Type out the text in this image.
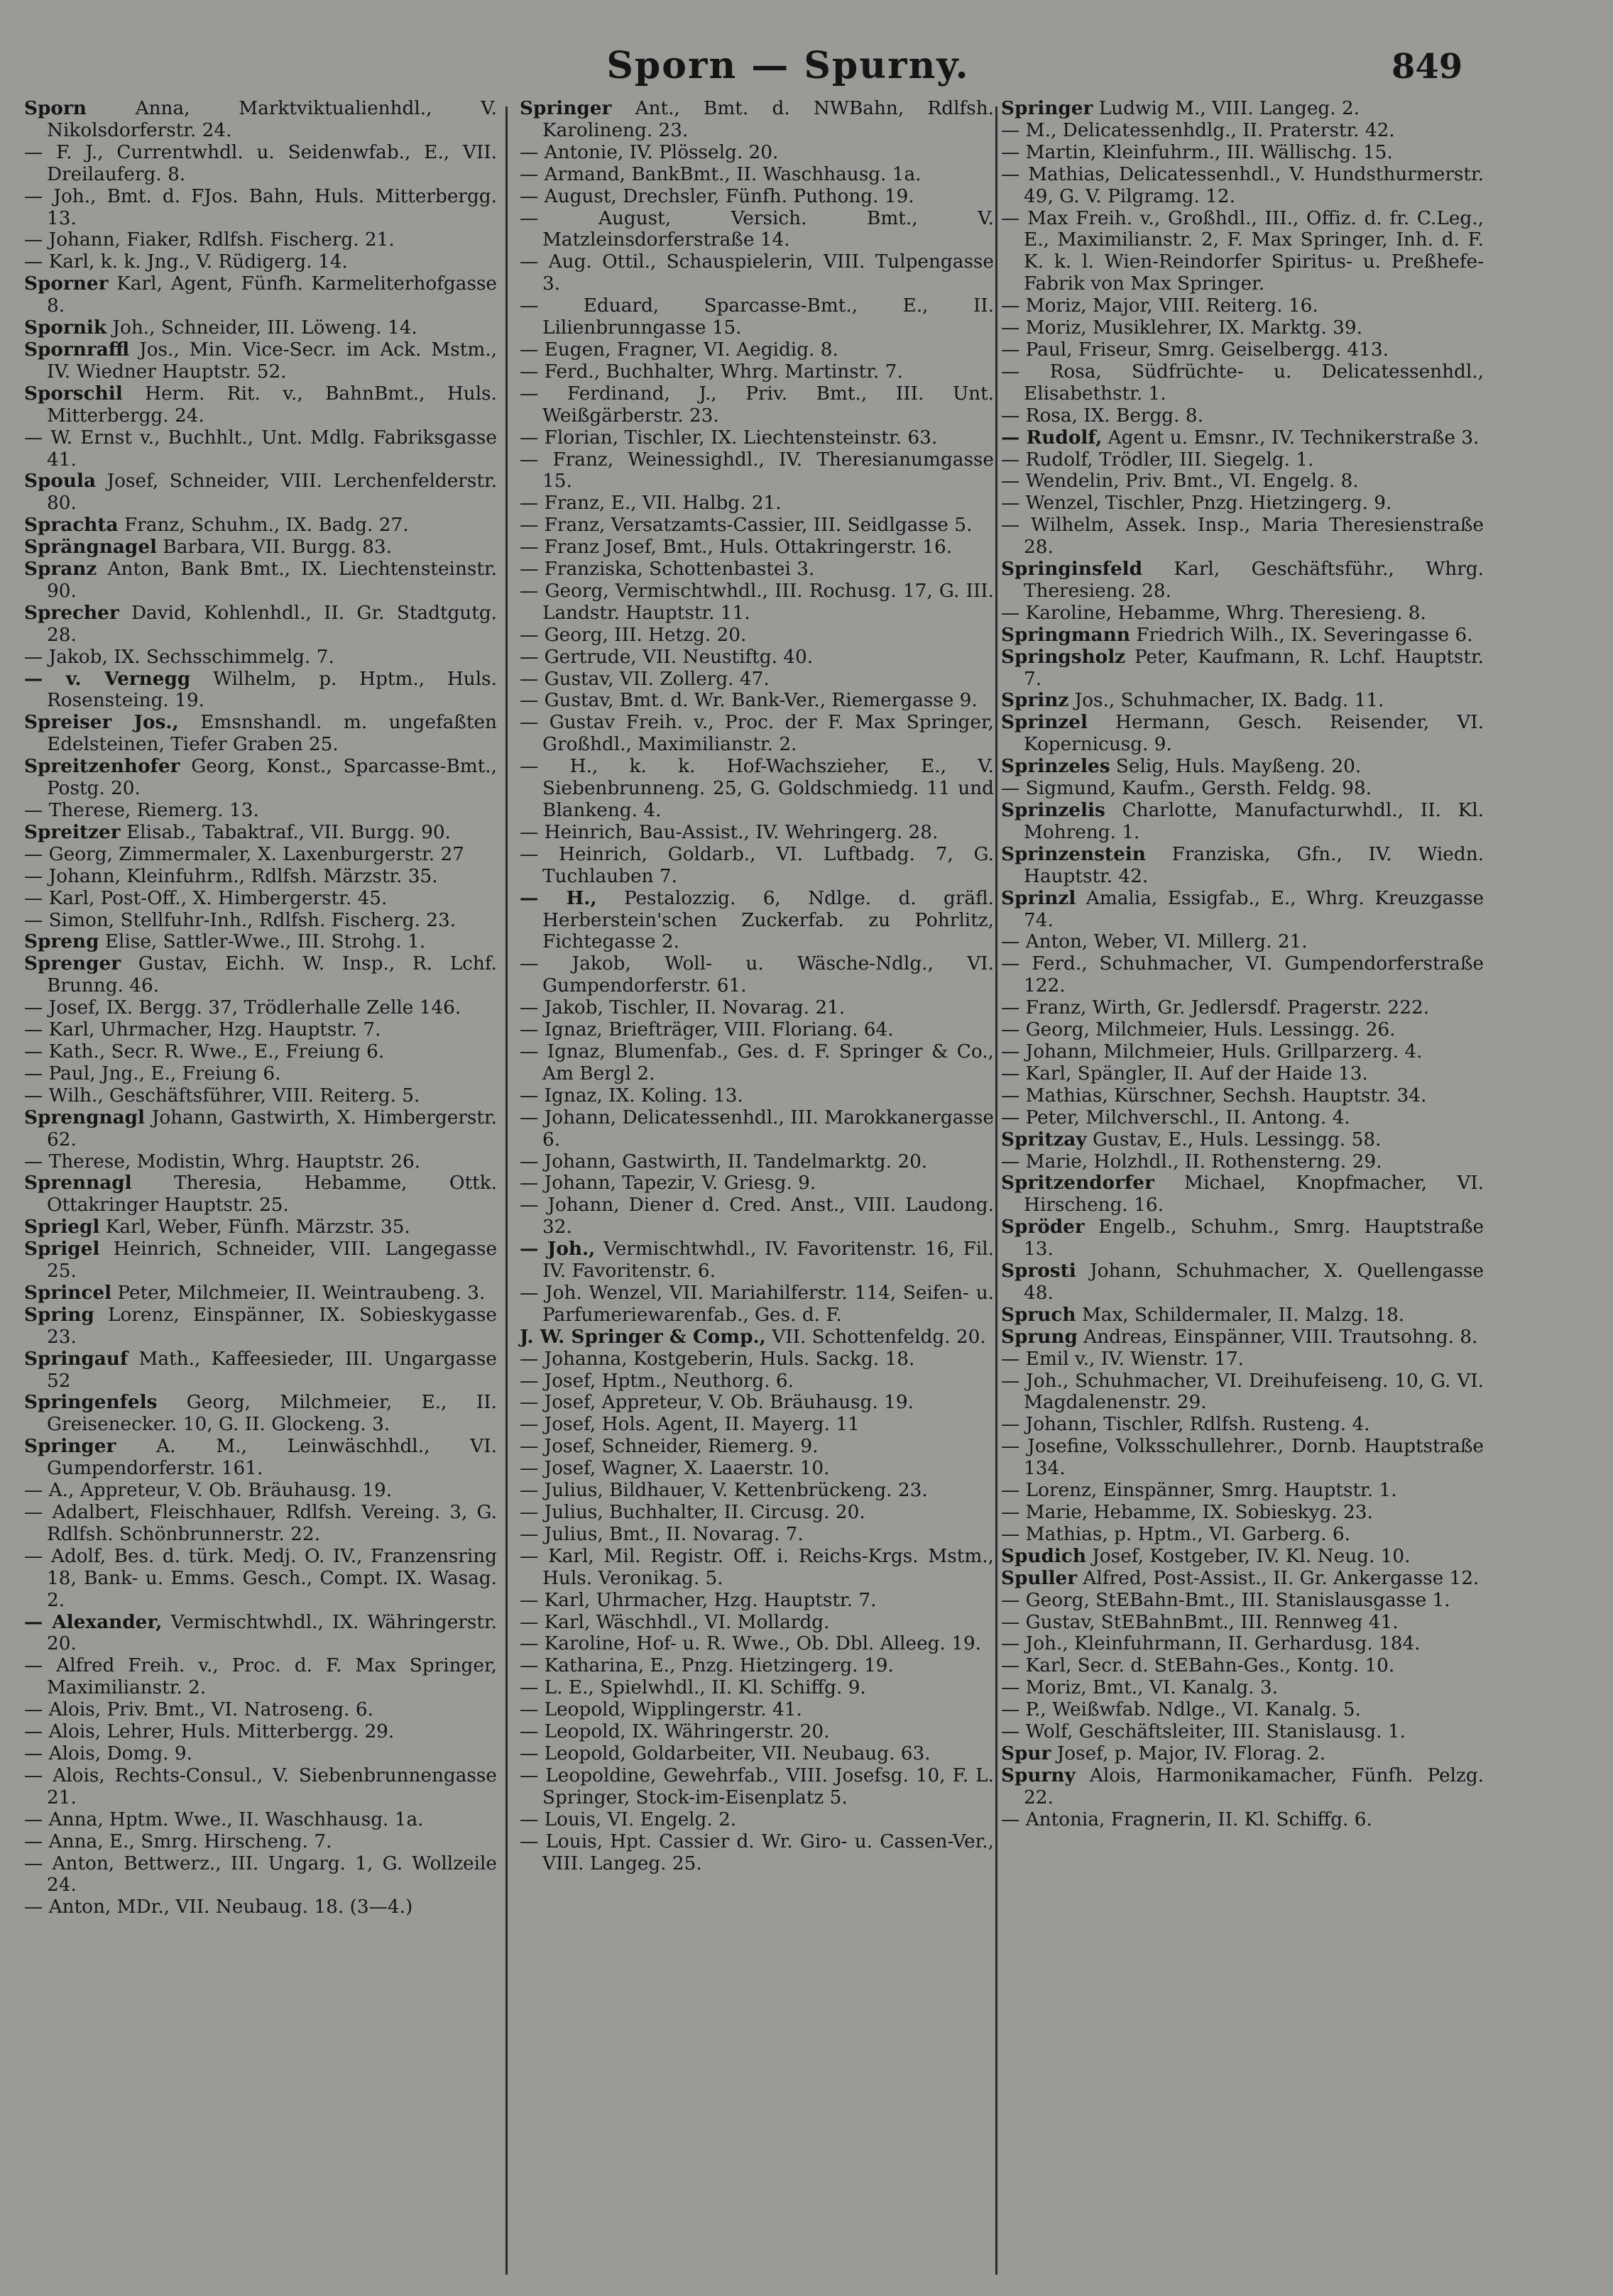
Sporn — Spurny.	849

Sporn	Anna, Marktviktualienhdl., V. Nikolsdorferstr. 24.

— F. J., Currentwhdl. u. Seidenwfab., E., VII. Dreilauferg. 8.

— Joh., Bmt. d. FJos. Bahn, Huls. Mitterbergg. 13.

— Johann, Fiaker, Rdlfsh. Fischerg. 21.

— Karl, k. k. Jng., V. Rüdigerg. 14.

Sporner Karl, Agent, Fünfh. Karmeliterhofgasse 8.

Spornik Joh., Schneider, III. Löweng. 14.

Spornraffl Jos., Min. Vice-Secr. im Ack. Mstm., IV. Wiedner Hauptstr. 52.

Sporschil Herm. Rit. v., BahnBmt., Huls. Mitterbergg. 24.

— W. Ernst v., Buchhlt., Unt. Mdlg. Fabriksgasse 41.

Spoula Josef, Schneider, VIII. Lerchenfelderstr. 80.

Sprachta Franz, Schuhm., IX. Badg. 27.

Sprängnagel Barbara, VII. Burgg. 83.

Spranz Anton, Bank Bmt., IX. Liechtensteinstr. 90.

Sprecher David, Kohlenhdl., II. Gr. Stadtgutg. 28.

— Jakob, IX. Sechsschimmelg. 7.

— v. Vernegg Wilhelm, p. Hptm., Huls. Rosensteing. 19.

Spreiser Jos., Emsnshandl. m. ungefaßten Edelsteinen, Tiefer Graben 25.

Spreitzenhofer Georg, Konst., Sparcasse-Bmt., Postg. 20.

— Therese, Riemerg. 13.

Spreitzer Elisab., Tabaktraf., VII. Burgg. 90.

— Georg, Zimmermaler, X. Laxenburgerstr. 27

— Johann, Kleinfuhrm., Rdlfsh. Märzstr. 35.

— Karl, Post-Off., X. Himbergerstr. 45.

— Simon, Stellfuhr-Inh., Rdlfsh. Fischerg. 23.

Spreng Elise, Sattler-Wwe., III. Strohg. 1.

Sprenger Gustav, Eichh. W. Insp., R. Lchf. Brunng. 46.

— Josef, IX. Bergg. 37, Trödlerhalle Zelle 146.

— Karl, Uhrmacher, Hzg. Hauptstr. 7.

— Kath., Secr. R. Wwe., E., Freiung 6.

— Paul, Jng., E., Freiung 6.

— Wilh., Geschäftsführer, VIII. Reiterg. 5.

Sprengnagl Johann, Gastwirth, X. Himbergerstr. 62.

— Therese, Modistin, Whrg. Hauptstr. 26.

Sprennagl Theresia, Hebamme, Ottk. Ottakringer Hauptstr. 25.

Spriegl Karl, Weber, Fünfh. Märzstr. 35.

Sprigel Heinrich, Schneider, VIII. Langegasse 25.

Sprincel Peter, Milchmeier, II. Weintraubeng. 3.

Spring Lorenz, Einspänner, IX. Sobieskygasse 23.

Springauf Math., Kaffeesieder, III. Ungargasse 52

Springenfels Georg, Milchmeier, E., II. Greisenecker. 10, G. II. Glockeng. 3.

Springer A. M., Leinwäschhdl., VI. Gumpendorferstr. 161.

— A., Appreteur, V. Ob. Bräuhausg. 19.

— Adalbert, Fleischhauer, Rdlfsh. Vereing. 3, G. Rdlfsh. Schönbrunnerstr. 22.

— Adolf, Bes. d. türk. Medj. O. IV., Franzensring 18, Bank- u. Emms. Gesch., Compt. IX. Wasag. 2.

— Alexander, Vermischtwhdl., IX. Währingerstr. 20.

— Alfred Freih. v., Proc. d. F. Max Springer, Maximilianstr. 2.

— Alois, Priv. Bmt., VI. Natroseng. 6.

— Alois, Lehrer, Huls. Mitterbergg. 29.

— Alois, Domg. 9.

— Alois, Rechts-Consul., V. Siebenbrunnengasse 21.

— Anna, Hptm. Wwe., II. Waschhausg. 1a.

— Anna, E., Smrg. Hirscheng. 7.

— Anton, Bettwerz., III. Ungarg. 1, G. Wollzeile 24.

— Anton, MDr., VII. Neubaug. 18. (3—4.)

Springer Ant., Bmt. d. NWBahn, Rdlfsh. Karolineng. 23.

— Antonie, IV. Plösselg. 20.

— Armand, BankBmt., II. Waschhausg. 1a.

— August, Drechsler, Fünfh. Puthong. 19.

— August, Versich. Bmt., V. Matzleinsdorferstraße 14.

— Aug. Ottil., Schauspielerin, VIII. Tulpengasse 3.

— Eduard, Sparcasse-Bmt., E., II. Lilienbrunngasse 15.

— Eugen, Fragner, VI. Aegidig. 8.

— Ferd., Buchhalter, Whrg. Martinstr. 7.

— Ferdinand, J., Priv. Bmt., III. Unt. Weißgärberstr. 23.

— Florian, Tischler, IX. Liechtensteinstr. 63.

— Franz, Weinessighdl., IV. Theresianumgasse 15.

— Franz, E., VII. Halbg. 21.

— Franz, Versatzamts-Cassier, III. Seidlgasse 5.

— Franz Josef, Bmt., Huls. Ottakringerstr. 16.

— Franziska, Schottenbastei 3.

— Georg, Vermischtwhdl., III. Rochusg. 17, G. III. Landstr. Hauptstr. 11.

— Georg, III. Hetzg. 20.

— Gertrude, VII. Neustiftg. 40.

— Gustav, VII. Zollerg. 47.

— Gustav, Bmt. d. Wr. Bank-Ver., Riemergasse 9.

— Gustav Freih. v., Proc. der F. Max Springer, Großhdl., Maximilianstr. 2.

— H., k. k. Hof-Wachszieher, E., V. Siebenbrunneng. 25, G. Goldschmiedg. 11 und Blankeng. 4.

— Heinrich, Bau-Assist., IV. Wehringerg. 28.

— Heinrich, Goldarb., VI. Luftbadg. 7, G. Tuchlauben 7.

— H., Pestalozzig. 6, Ndlge. d. gräfl. Herberstein'schen Zuckerfab. zu Pohrlitz, Fichtegasse 2.

— Jakob, Woll- u. Wäsche-Ndlg., VI. Gumpendorferstr. 61.

— Jakob, Tischler, II. Novarag. 21.

— Ignaz, Briefträger, VIII. Floriang. 64.

— Ignaz, Blumenfab., Ges. d. F. Springer & Co., Am Bergl 2.

— Ignaz, IX. Koling. 13.

— Johann, Delicatessenhdl., III. Marokkanergasse 6.

— Johann, Gastwirth, II. Tandelmarktg. 20.

— Johann, Tapezir, V. Griesg. 9.

— Johann, Diener d. Cred. Anst., VIII. Laudong. 32.

— Joh., Vermischtwhdl., IV. Favoritenstr. 16, Fil. IV. Favoritenstr. 6.

— Joh. Wenzel, VII. Mariahilferstr. 114, Seifen- u. Parfumeriewarenfab., Ges. d. F.

J. W. Springer & Comp., VII. Schottenfeldg. 20.

— Johanna, Kostgeberin, Huls. Sackg. 18.

— Josef, Hptm., Neuthorg. 6.

— Josef, Appreteur, V. Ob. Bräuhausg. 19.

— Josef, Hols. Agent, II. Mayerg. 11

— Josef, Schneider, Riemerg. 9.

— Josef, Wagner, X. Laaerstr. 10.

— Julius, Bildhauer, V. Kettenbrückeng. 23.

— Julius, Buchhalter, II. Circusg. 20.

— Julius, Bmt., II. Novarag. 7.

— Karl, Mil. Registr. Off. i. Reichs-Krgs. Mstm., Huls. Veronikag. 5.

— Karl, Uhrmacher, Hzg. Hauptstr. 7.

— Karl, Wäschhdl., VI. Mollardg.

— Karoline, Hof- u. R. Wwe., Ob. Dbl. Alleeg. 19.

— Katharina, E., Pnzg. Hietzingerg. 19.

— L. E., Spielwhdl., II. Kl. Schiffg. 9.

— Leopold, Wipplingerstr. 41.

— Leopold, IX. Währingerstr. 20.

— Leopold, Goldarbeiter, VII. Neubaug. 63.

— Leopoldine, Gewehrfab., VIII. Josefsg. 10, F. L. Springer, Stock-im-Eisenplatz 5.

— Louis, VI. Engelg. 2.

— Louis, Hpt. Cassier d. Wr. Giro- u. Cassen-Ver., VIII. Langeg. 25.

Springer Ludwig M., VIII. Langeg. 2.

— M., Delicatessenhdlg., II. Praterstr. 42.

— Martin, Kleinfuhrm., III. Wällischg. 15.

— Mathias, Delicatessenhdl., V. Hundsthurmerstr. 49, G. V. Pilgramg. 12.

— Max Freih. v., Großhdl., III., Offiz. d. fr. C.Leg., E., Maximilianstr. 2, F. Max Springer, Inh. d. F. K. k. l. Wien-Reindorfer Spiritus- u. Preßhefe-Fabrik von Max Springer.

— Moriz, Major, VIII. Reiterg. 16.

— Moriz, Musiklehrer, IX. Marktg. 39.

— Paul, Friseur, Smrg. Geiselbergg. 413.

— Rosa, Südfrüchte- u. Delicatessenhdl., Elisabethstr. 1.

— Rosa, IX. Bergg. 8.

— Rudolf, Agent u. Emsnr., IV. Technikerstraße 3.

— Rudolf, Trödler, III. Siegelg. 1.

— Wendelin, Priv. Bmt., VI. Engelg. 8.

— Wenzel, Tischler, Pnzg. Hietzingerg. 9.

— Wilhelm, Assek. Insp., Maria Theresienstraße 28.

Springinsfeld Karl, Geschäftsführ., Whrg. Theresieng. 28.

— Karoline, Hebamme, Whrg. Theresieng. 8.

Springmann Friedrich Wilh., IX. Severingasse 6.

Springsholz Peter, Kaufmann, R. Lchf. Hauptstr. 7.

Sprinz Jos., Schuhmacher, IX. Badg. 11.

Sprinzel Hermann, Gesch. Reisender, VI. Kopernicusg. 9.

Sprinzeles Selig, Huls. Mayßeng. 20.

— Sigmund, Kaufm., Gersth. Feldg. 98.

Sprinzelis Charlotte, Manufacturwhdl., II. Kl. Mohreng. 1.

Sprinzenstein Franziska, Gfn., IV. Wiedn. Hauptstr. 42.

Sprinzl Amalia, Essigfab., E., Whrg. Kreuzgasse 74.

— Anton, Weber, VI. Millerg. 21.

— Ferd., Schuhmacher, VI. Gumpendorferstraße 122.

— Franz, Wirth, Gr. Jedlersdf. Pragerstr. 222.

— Georg, Milchmeier, Huls. Lessingg. 26.

— Johann, Milchmeier, Huls. Grillparzerg. 4.

— Karl, Spängler, II. Auf der Haide 13.

— Mathias, Kürschner, Sechsh. Hauptstr. 34.

— Peter, Milchverschl., II. Antong. 4.

Spritzay Gustav, E., Huls. Lessingg. 58.

— Marie, Holzhdl., II. Rothensterng. 29.

Spritzendorfer Michael, Knopfmacher, VI. Hirscheng. 16.

Spröder Engelb., Schuhm., Smrg. Hauptstraße 13.

Sprosti Johann, Schuhmacher, X. Quellengasse 48.

Spruch Max, Schildermaler, II. Malzg. 18.

Sprung Andreas, Einspänner, VIII. Trautsohng. 8.

— Emil v., IV. Wienstr. 17.

— Joh., Schuhmacher, VI. Dreihufeiseng. 10, G. VI. Magdalenenstr. 29.

— Johann, Tischler, Rdlfsh. Rusteng. 4.

— Josefine, Volksschullehrer., Dornb. Hauptstraße 134.

— Lorenz, Einspänner, Smrg. Hauptstr. 1.

— Marie, Hebamme, IX. Sobieskyg. 23.

— Mathias, p. Hptm., VI. Garberg. 6.

Spudich Josef, Kostgeber, IV. Kl. Neug. 10.

Spuller Alfred, Post-Assist., II. Gr. Ankergasse 12.

— Georg, StEBahn-Bmt., III. Stanislausgasse 1.

— Gustav, StEBahnBmt., III. Rennweg 41.

— Joh., Kleinfuhrmann, II. Gerhardusg. 184.

— Karl, Secr. d. StEBahn-Ges., Kontg. 10.

— Moriz, Bmt., VI. Kanalg. 3.

— P., Weißwfab. Ndlge., VI. Kanalg. 5.

— Wolf, Geschäftsleiter, III. Stanislausg. 1.

Spur Josef, p. Major, IV. Florag. 2.

Spurny Alois, Harmonikamacher, Fünfh. Pelzg. 22.

— Antonia, Fragnerin, II. Kl. Schiffg. 6.
